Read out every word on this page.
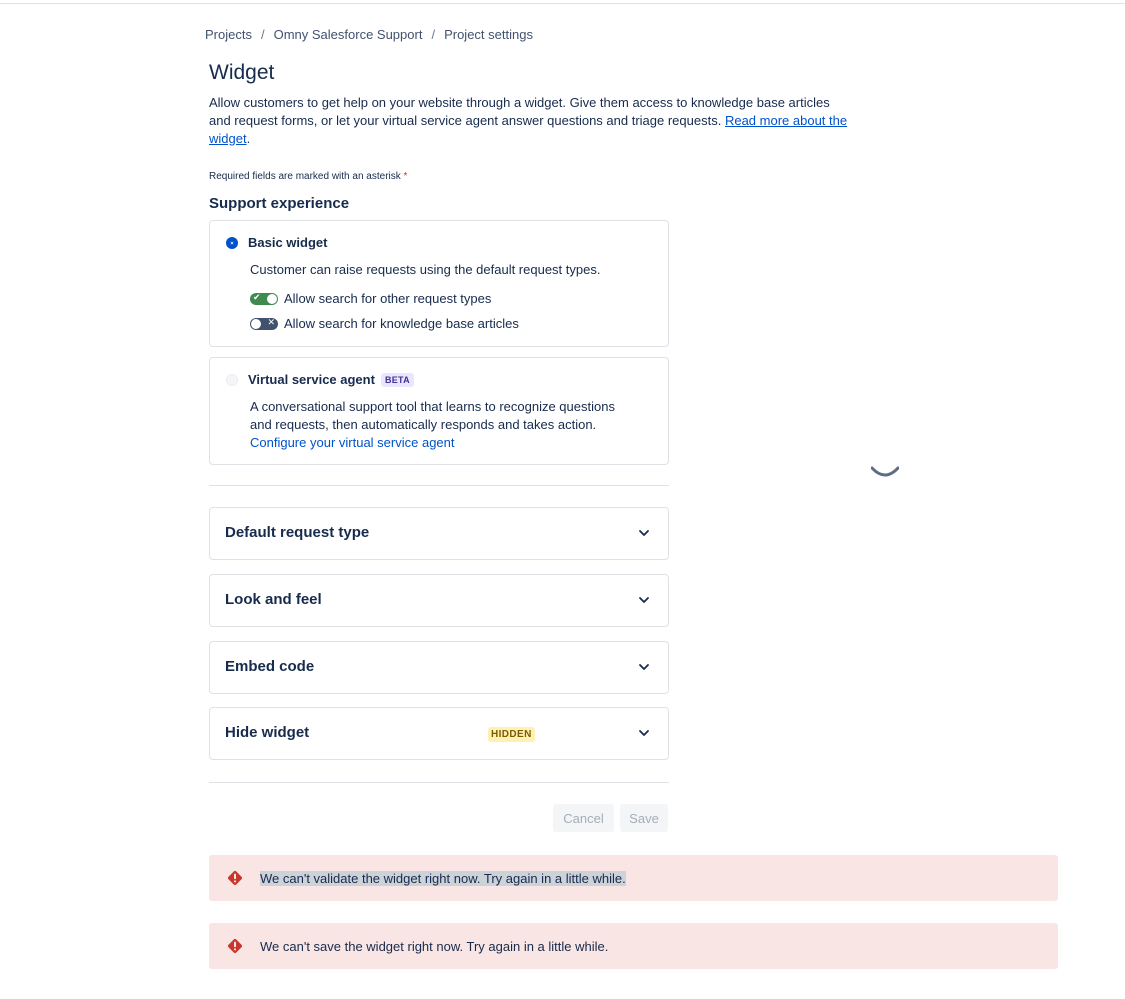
Projects / Omny Salesforce Support / Project settings
Widget
Allow customers to get help on your website through a widget. Give them access to knowledge base articles and request forms, or let your virtual service agent answer questions and triage requests. Read more about the widget.
Required fields are marked with an asterisk *
Support experience
Basic widget
Customer can raise requests using the default request types.
✔ Allow search for other request types
✕ Allow search for knowledge base articles
Virtual service agent BETA
A conversational support tool that learns to recognize questions and requests, then automatically responds and takes action.
Configure your virtual service agent
Default request type
Look and feel
Embed code
Hide widget	HIDDEN
Cancel	Save
We can't validate the widget right now. Try again in a little while.
We can't save the widget right now. Try again in a little while.
